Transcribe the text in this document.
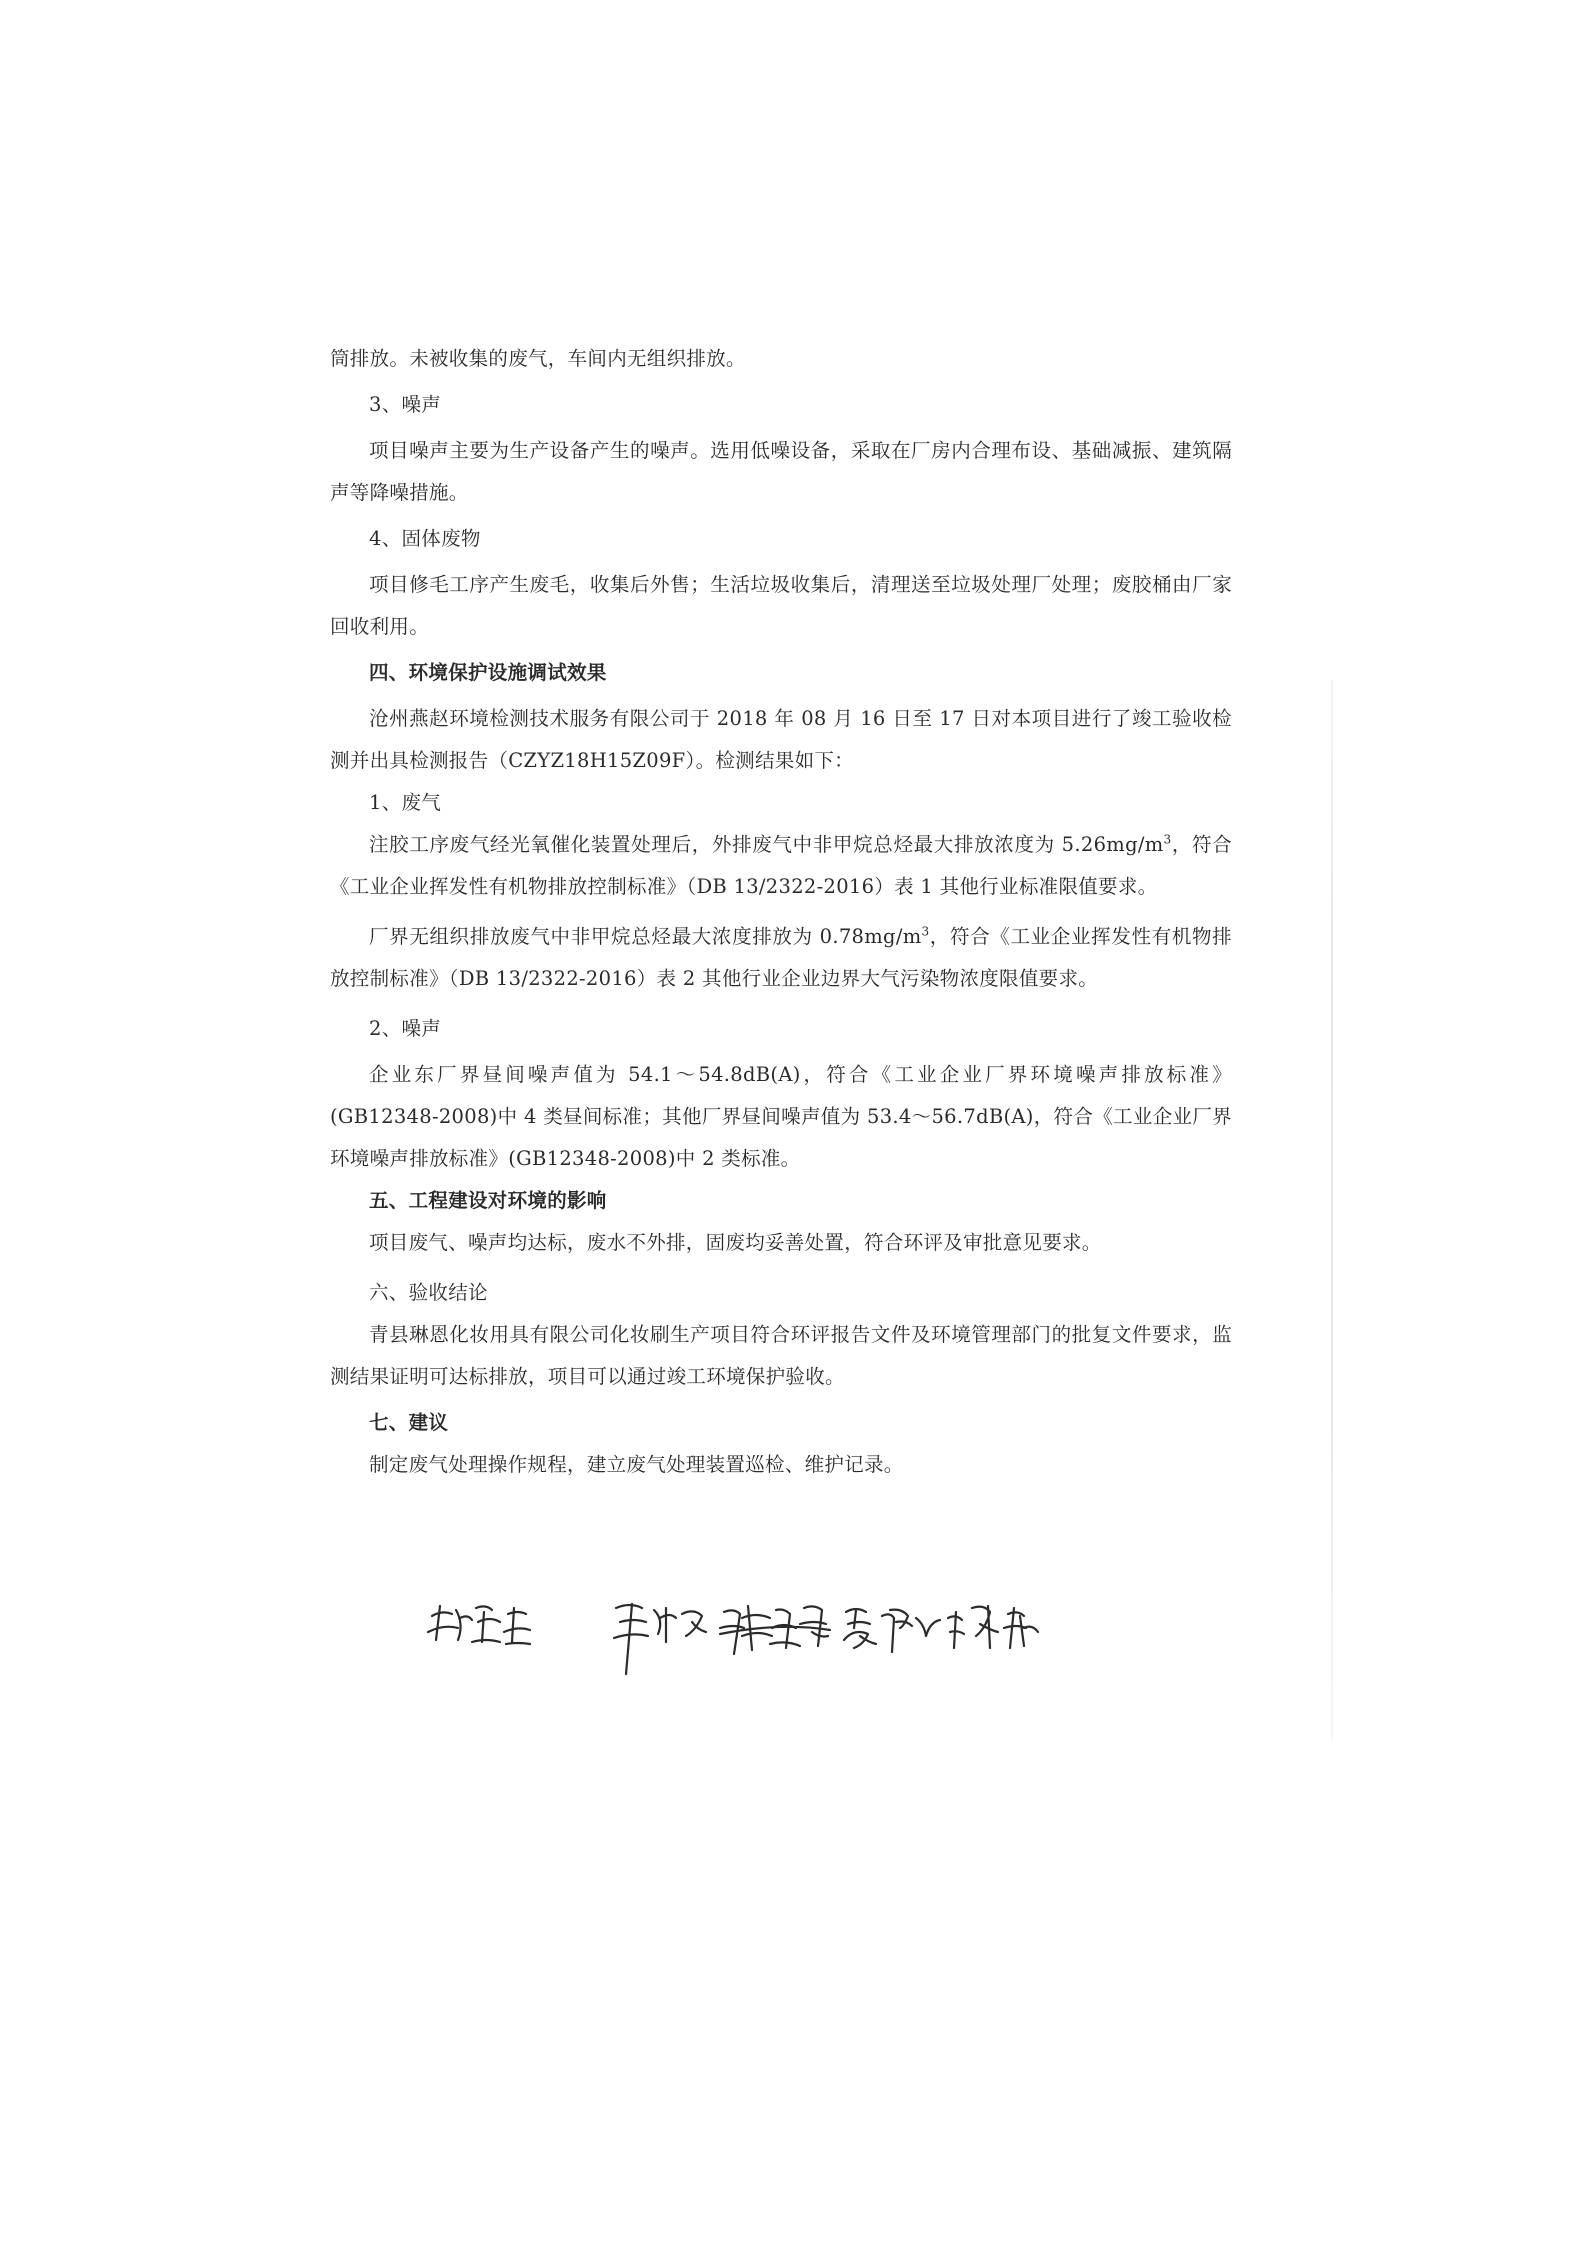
筒排放。未被收集的废气，车间内无组织排放。

3、噪声

项目噪声主要为生产设备产生的噪声。选用低噪设备，采取在厂房内合理布设、基础减振、建筑隔声等降噪措施。

4、固体废物

项目修毛工序产生废毛，收集后外售；生活垃圾收集后，清理送至垃圾处理厂处理；废胶桶由厂家回收利用。

四、环境保护设施调试效果

沧州燕赵环境检测技术服务有限公司于 2018 年 08 月 16 日至 17 日对本项目进行了竣工验收检测并出具检测报告（CZYZ18H15Z09F）。检测结果如下：

1、废气

注胶工序废气经光氧催化装置处理后，外排废气中非甲烷总烃最大排放浓度为 $5.26mg/m^3$，符合《工业企业挥发性有机物排放控制标准》（DB 13/2322-2016）表 1 其他行业标准限值要求。

厂界无组织排放废气中非甲烷总烃最大浓度排放为 $0.78mg/m^3$，符合《工业企业挥发性有机物排放控制标准》（DB 13/2322-2016）表 2 其他行业企业边界大气污染物浓度限值要求。

2、噪声

企业东厂界昼间噪声值为 54.1～54.8dB(A)，符合《工业企业厂界环境噪声排放标准》(GB12348-2008)中 4 类昼间标准；其他厂界昼间噪声值为 53.4～56.7dB(A)，符合《工业企业厂界环境噪声排放标准》(GB12348-2008)中 2 类标准。

五、工程建设对环境的影响

项目废气、噪声均达标，废水不外排，固废均妥善处置，符合环评及审批意见要求。

六、验收结论

青县琳恩化妆用具有限公司化妆刷生产项目符合环评报告文件及环境管理部门的批复文件要求，监测结果证明可达标排放，项目可以通过竣工环境保护验收。

七、建议

制定废气处理操作规程，建立废气处理装置巡检、维护记录。
